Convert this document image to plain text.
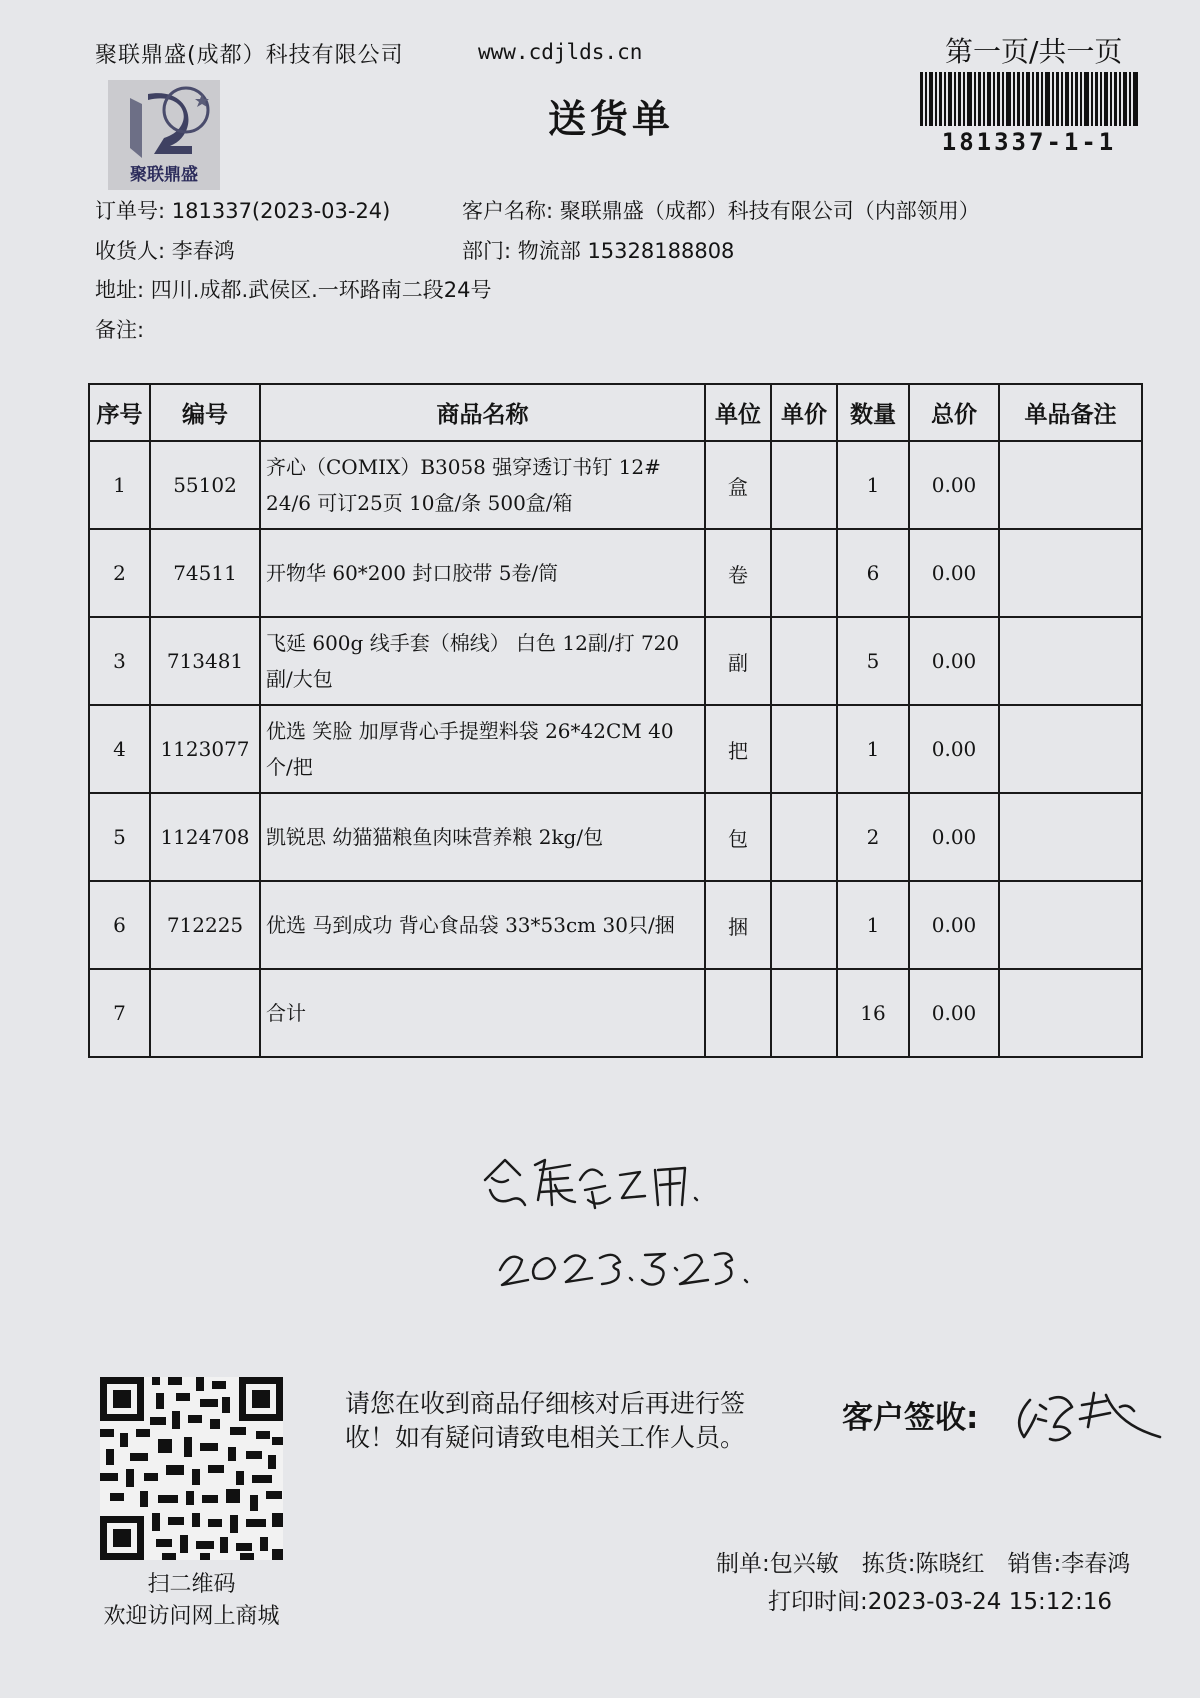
聚联鼎盛(成都）科技有限公司	www.cdjlds.cn	第一页/共一页
送货单
181337-1-1
聚联鼎盛
订单号: 181337(2023-03-24)	客户名称: 聚联鼎盛（成都）科技有限公司（内部领用）
收货人: 李春鸿	部门: 物流部 15328188808
地址: 四川.成都.武侯区.一环路南二段24号
备注:
序号	编号	商品名称	单位	单价	数量	总价	单品备注
1	55102	齐心（COMIX）B3058 强穿透订书钉 12#
24/6 可订25页 10盒/条 500盒/箱	盒		1	0.00	
2	74511	开物华 60*200 封口胶带 5卷/筒	卷		6	0.00	
3	713481	飞延 600g 线手套（棉线） 白色 12副/打 720
副/大包	副		5	0.00	
4	1123077	优选 笑脸 加厚背心手提塑料袋 26*42CM 40
个/把	把		1	0.00	
5	1124708	凯锐思 幼猫猫粮鱼肉味营养粮 2kg/包	包		2	0.00	
6	712225	优选 马到成功 背心食品袋 33*53cm 30只/捆	捆		1	0.00	
7		合计			16	0.00	
扫二维码
欢迎访问网上商城
请您在收到商品仔细核对后再进行签收！如有疑问请致电相关工作人员。
客户签收:
制单:包兴敏　拣货:陈晓红　销售:李春鸿
打印时间:2023-03-24 15:12:16
